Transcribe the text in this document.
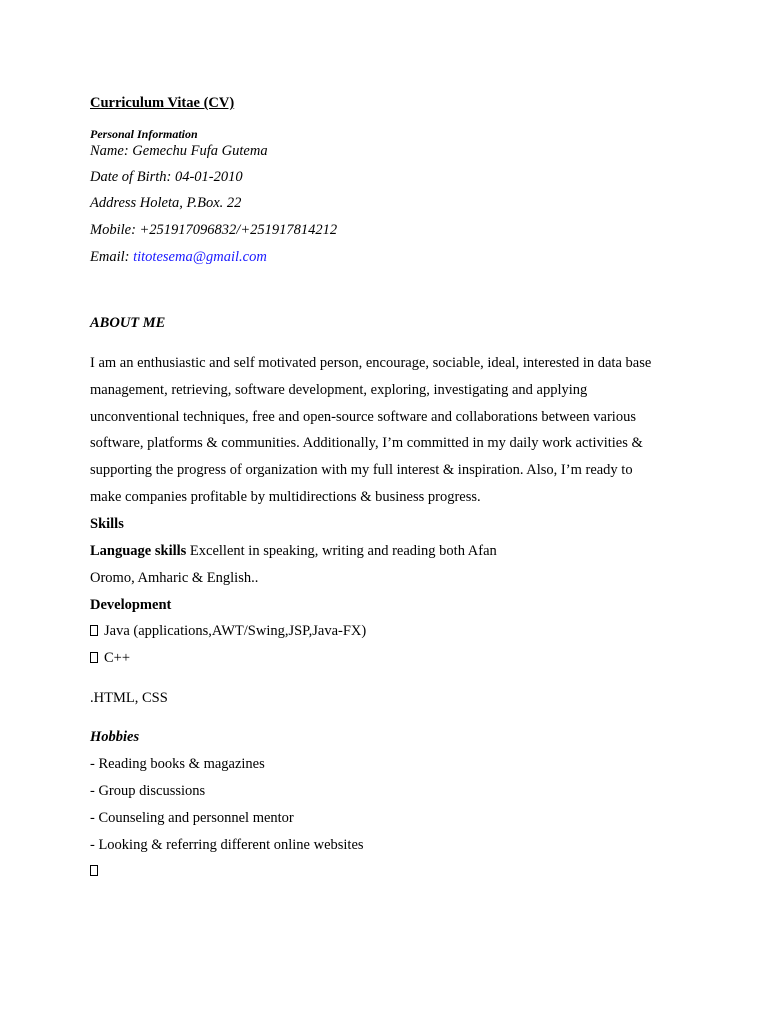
Curriculum Vitae (CV)
Personal Information
Name: Gemechu Fufa Gutema
Date of Birth: 04-01-2010
Address Holeta, P.Box. 22
Mobile: +251917096832/+251917814212
Email: titotesema@gmail.com
ABOUT ME
I am an enthusiastic and self motivated person, encourage, sociable, ideal, interested in data base
management, retrieving, software development, exploring, investigating and applying
unconventional techniques, free and open-source software and collaborations between various
software, platforms & communities. Additionally, I’m committed in my daily work activities &
supporting the progress of organization with my full interest & inspiration. Also, I’m ready to
make companies profitable by multidirections & business progress.
Skills
Language skills Excellent in speaking, writing and reading both Afan
Oromo, Amharic & English..
Development
Java (applications,AWT/Swing,JSP,Java-FX)
C++
.HTML, CSS
Hobbies
- Reading books & magazines
- Group discussions
- Counseling and personnel mentor
- Looking & referring different online websites
